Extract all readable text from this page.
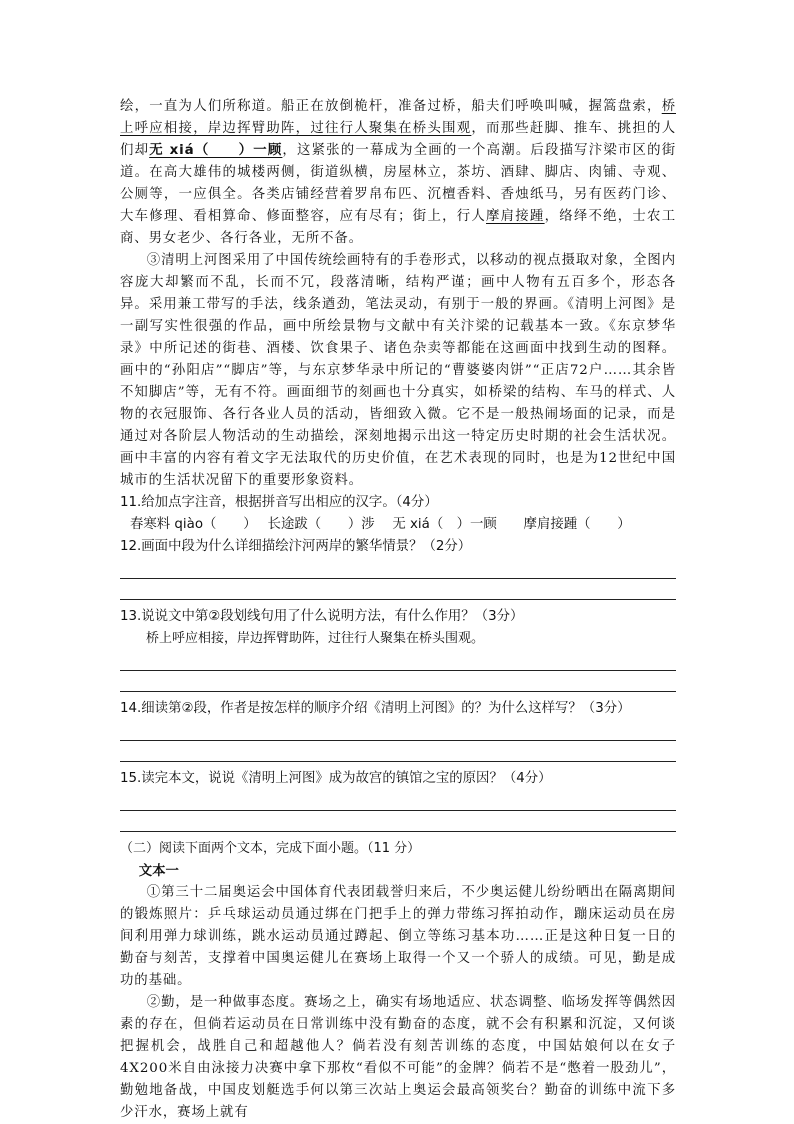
绘，一直为人们所称道。船正在放倒桅杆，准备过桥，船夫们呼唤叫喊，握篙盘索，桥上呼应相接，岸边挥臂助阵，过往行人聚集在桥头围观，而那些赶脚、推车、挑担的人们却无 xiá（　　）一顾，这紧张的一幕成为全画的一个高潮。后段描写汴梁市区的街道。在高大雄伟的城楼两侧，街道纵横，房屋林立，茶坊、酒肆、脚店、肉铺、寺观、公厕等，一应俱全。各类店铺经营着罗帛布匹、沉檀香料、香烛纸马，另有医药门诊、大车修理、看相算命、修面整容，应有尽有；街上，行人摩肩接踵，络绎不绝，士农工商、男女老少、各行各业，无所不备。

③清明上河图采用了中国传统绘画特有的手卷形式，以移动的视点摄取对象，全图内容庞大却繁而不乱，长而不冗，段落清晰，结构严谨；画中人物有五百多个，形态各异。采用兼工带写的手法，线条遒劲，笔法灵动，有别于一般的界画。《清明上河图》是一副写实性很强的作品，画中所绘景物与文献中有关汴梁的记载基本一致。《东京梦华录》中所记述的街巷、酒楼、饮食果子、诸色杂卖等都能在这画面中找到生动的图释。画中的“孙阳店”“脚店”等，与东京梦华录中所记的“曹婆婆肉饼”“正店72户……其余皆不知脚店”等，无有不符。画面细节的刻画也十分真实，如桥梁的结构、车马的样式、人物的衣冠服饰、各行各业人员的活动，皆细致入微。它不是一般热闹场面的记录，而是通过对各阶层人物活动的生动描绘，深刻地揭示出这一特定历史时期的社会生活状况。画中丰富的内容有着文字无法取代的历史价值，在艺术表现的同时，也是为12世纪中国城市的生活状况留下的重要形象资料。

11.给加点字注音，根据拼音写出相应的汉字。（4分）

春寒料 qiào（　　）　 长途跋（　　）涉　 无 xiá（　）一顾　　摩肩接踵（　　）

12.画面中段为什么详细描绘汴河两岸的繁华情景？（2分）

13.说说文中第②段划线句用了什么说明方法，有什么作用？（3分）

桥上呼应相接，岸边挥臂助阵，过往行人聚集在桥头围观。

14.细读第②段，作者是按怎样的顺序介绍《清明上河图》的？为什么这样写？（3分）

15.读完本文，说说《清明上河图》成为故宫的镇馆之宝的原因？（4分）

（二）阅读下面两个文本，完成下面小题。（11 分）

文本一

①第三十二届奥运会中国体育代表团载誉归来后，不少奥运健儿纷纷晒出在隔离期间的锻炼照片：乒乓球运动员通过绑在门把手上的弹力带练习挥拍动作，蹦床运动员在房间利用弹力球训练，跳水运动员通过蹲起、倒立等练习基本功……正是这种日复一日的勤奋与刻苦，支撑着中国奥运健儿在赛场上取得一个又一个骄人的成绩。可见，勤是成功的基础。

②勤，是一种做事态度。赛场之上，确实有场地适应、状态调整、临场发挥等偶然因素的存在，但倘若运动员在日常训练中没有勤奋的态度，就不会有积累和沉淀，又何谈把握机会，战胜自己和超越他人？倘若没有刻苦训练的态度，中国姑娘何以在女子4X200米自由泳接力决赛中拿下那枚“看似不可能”的金牌？倘若不是“憋着一股劲儿”，勤勉地备战，中国皮划艇选手何以第三次站上奥运会最高领奖台？勤奋的训练中流下多少汗水，赛场上就有
